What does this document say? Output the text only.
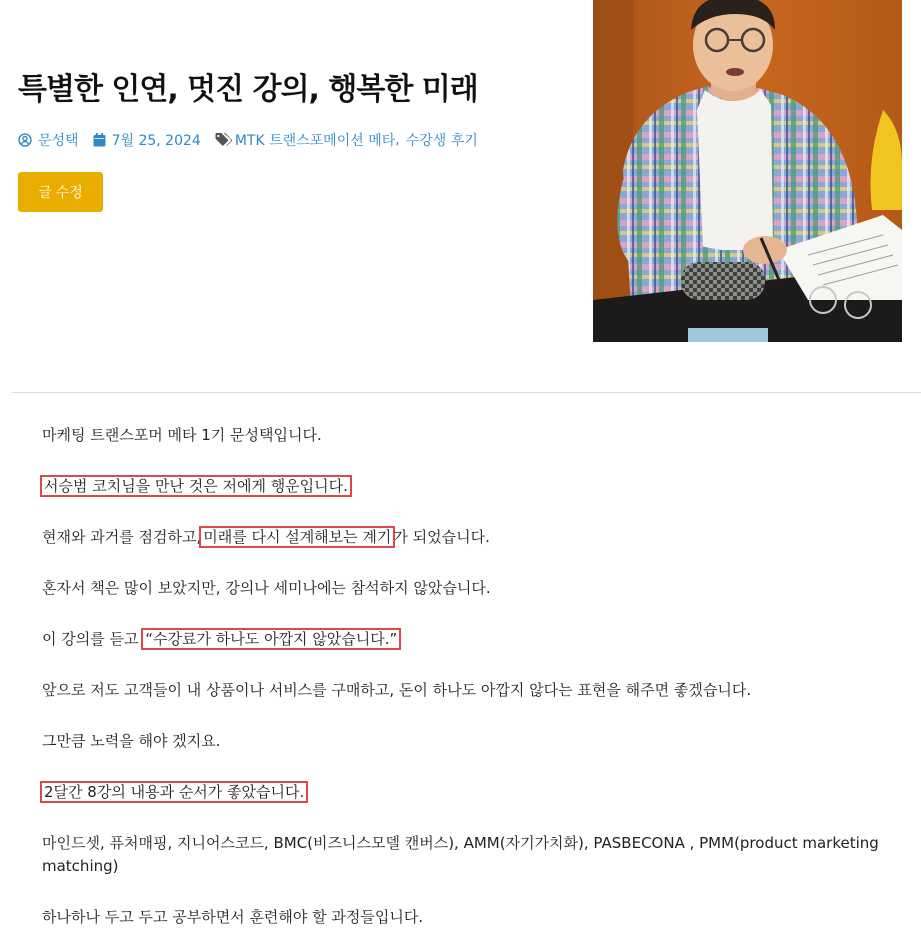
특별한 인연, 멋진 강의, 행복한 미래
문성택 7월 25, 2024 MTK 트랜스포메이션 메타 , 수강생 후기
글 수정

마케팅 트랜스포머 메타 1기 문성택입니다.

서승범 코치님을 만난 것은 저에게 행운입니다.

현재와 과거를 점검하고, 미래를 다시 설계해보는 계기 가 되었습니다.

혼자서 책은 많이 보았지만, 강의나 세미나에는 참석하지 않았습니다.

이 강의를 듣고 “수강료가 하나도 아깝지 않았습니다.”

앞으로 저도 고객들이 내 상품이나 서비스를 구매하고, 돈이 하나도 아깝지 않다는 표현을 해주면 좋겠습니다.

그만큼 노력을 해야 겠지요.

2달간 8강의 내용과 순서가 좋았습니다.

마인드셋, 퓨처매핑, 지니어스코드, BMC(비즈니스모델 캔버스), AMM(자기가치화), PASBECONA , PMM(product marketing matching)

하나하나 두고 두고 공부하면서 훈련해야 할 과정들입니다.
